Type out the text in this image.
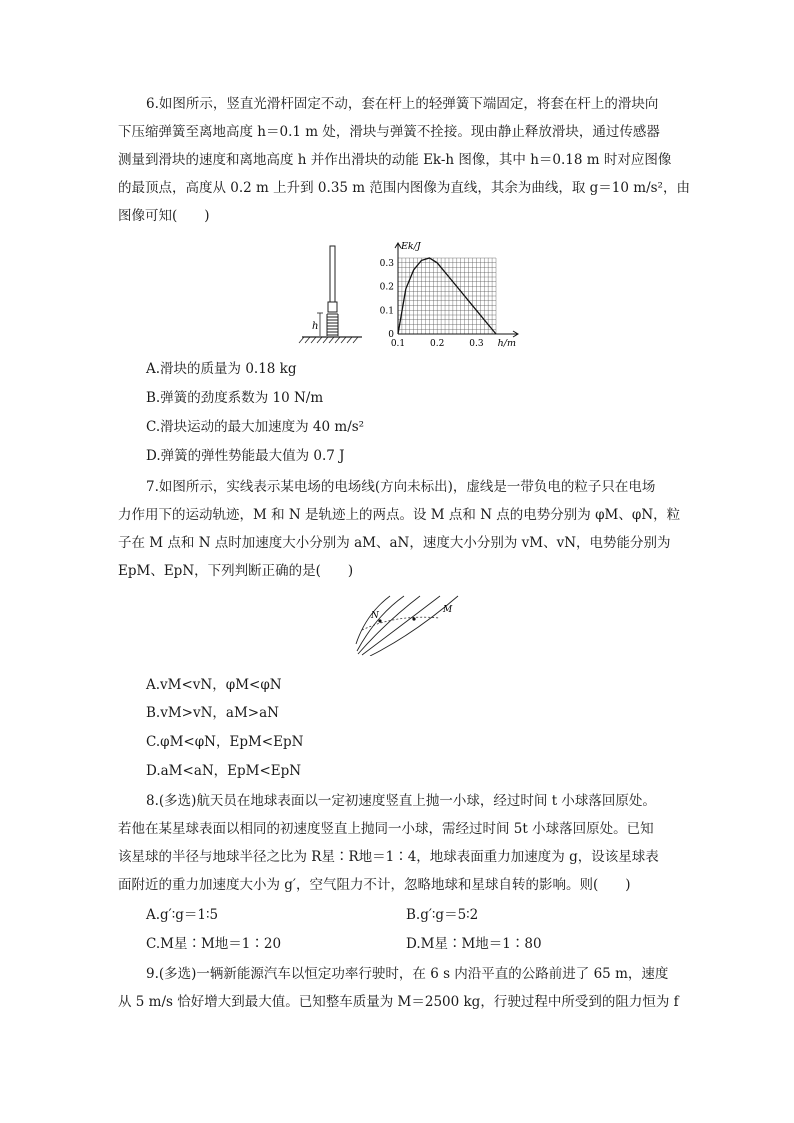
6.如图所示，竖直光滑杆固定不动，套在杆上的轻弹簧下端固定，将套在杆上的滑块向
下压缩弹簧至离地高度 h＝0.1 m 处，滑块与弹簧不拴接。现由静止释放滑块，通过传感器
测量到滑块的速度和离地高度 h 并作出滑块的动能 Ek-h 图像，其中 h＝0.18 m 时对应图像
的最顶点，高度从 0.2 m 上升到 0.35 m 范围内图像为直线，其余为曲线，取 g＝10 m/s²，由
图像可知(　　)
h
0
0.1
0.2
0.3
0.1	0.2	0.3
Ek/J
h/m
A.滑块的质量为 0.18 kg
B.弹簧的劲度系数为 10 N/m
C.滑块运动的最大加速度为 40 m/s²
D.弹簧的弹性势能最大值为 0.7 J
7.如图所示，实线表示某电场的电场线(方向未标出)，虚线是一带负电的粒子只在电场
力作用下的运动轨迹，M 和 N 是轨迹上的两点。设 M 点和 N 点的电势分别为 φM、φN，粒
子在 M 点和 N 点时加速度大小分别为 aM、aN，速度大小分别为 vM、vN，电势能分别为
EpM、EpN，下列判断正确的是(　　)
N
M
A.vM<vN，φM<φN
B.vM>vN，aM>aN
C.φM<φN，EpM<EpN
D.aM<aN，EpM<EpN
8.(多选)航天员在地球表面以一定初速度竖直上抛一小球，经过时间 t 小球落回原处。
若他在某星球表面以相同的初速度竖直上抛同一小球，需经过时间 5t 小球落回原处。已知
该星球的半径与地球半径之比为 R星∶R地＝1∶4，地球表面重力加速度为 g，设该星球表
面附近的重力加速度大小为 g′，空气阻力不计，忽略地球和星球自转的影响。则(　　)
A.g′∶g＝1∶5	B.g′∶g＝5∶2
C.M星∶M地＝1∶20	D.M星∶M地＝1∶80
9.(多选)一辆新能源汽车以恒定功率行驶时，在 6 s 内沿平直的公路前进了 65 m，速度
从 5 m/s 恰好增大到最大值。已知整车质量为 M＝2500 kg，行驶过程中所受到的阻力恒为 f
